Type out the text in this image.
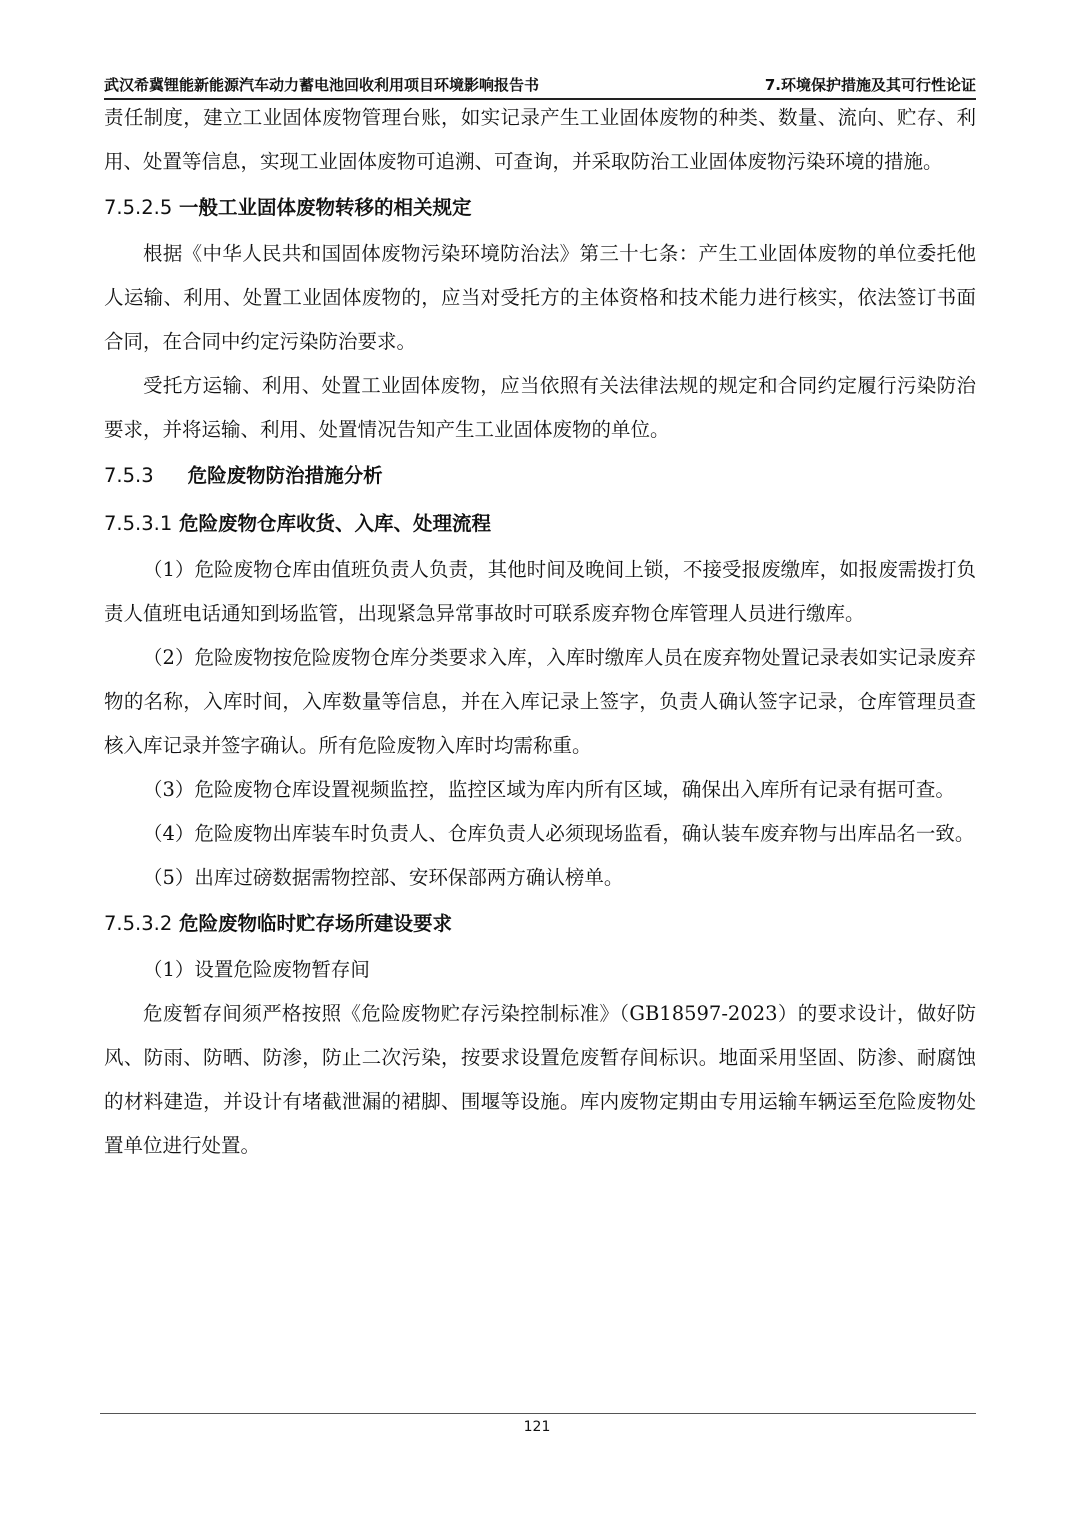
武汉希冀锂能新能源汽车动力蓄电池回收利用项目环境影响报告书	7.环境保护措施及其可行性论证

责任制度，建立工业固体废物管理台账，如实记录产生工业固体废物的种类、数量、流向、贮存、利用、处置等信息，实现工业固体废物可追溯、可查询，并采取防治工业固体废物污染环境的措施。

7.5.2.5 一般工业固体废物转移的相关规定

根据《中华人民共和国固体废物污染环境防治法》第三十七条：产生工业固体废物的单位委托他人运输、利用、处置工业固体废物的，应当对受托方的主体资格和技术能力进行核实，依法签订书面合同，在合同中约定污染防治要求。

受托方运输、利用、处置工业固体废物，应当依照有关法律法规的规定和合同约定履行污染防治要求，并将运输、利用、处置情况告知产生工业固体废物的单位。

7.5.3 危险废物防治措施分析
7.5.3.1 危险废物仓库收货、入库、处理流程

（1）危险废物仓库由值班负责人负责，其他时间及晚间上锁，不接受报废缴库，如报废需拨打负责人值班电话通知到场监管，出现紧急异常事故时可联系废弃物仓库管理人员进行缴库。

（2）危险废物按危险废物仓库分类要求入库，入库时缴库人员在废弃物处置记录表如实记录废弃物的名称，入库时间，入库数量等信息，并在入库记录上签字，负责人确认签字记录，仓库管理员查核入库记录并签字确认。所有危险废物入库时均需称重。

（3）危险废物仓库设置视频监控，监控区域为库内所有区域，确保出入库所有记录有据可查。

（4）危险废物出库装车时负责人、仓库负责人必须现场监看，确认装车废弃物与出库品名一致。

（5）出库过磅数据需物控部、安环保部两方确认榜单。

7.5.3.2 危险废物临时贮存场所建设要求

（1）设置危险废物暂存间

危废暂存间须严格按照《危险废物贮存污染控制标准》（GB18597-2023）的要求设计，做好防风、防雨、防晒、防渗，防止二次污染，按要求设置危废暂存间标识。地面采用坚固、防渗、耐腐蚀的材料建造，并设计有堵截泄漏的裙脚、围堰等设施。库内废物定期由专用运输车辆运至危险废物处置单位进行处置。

121
